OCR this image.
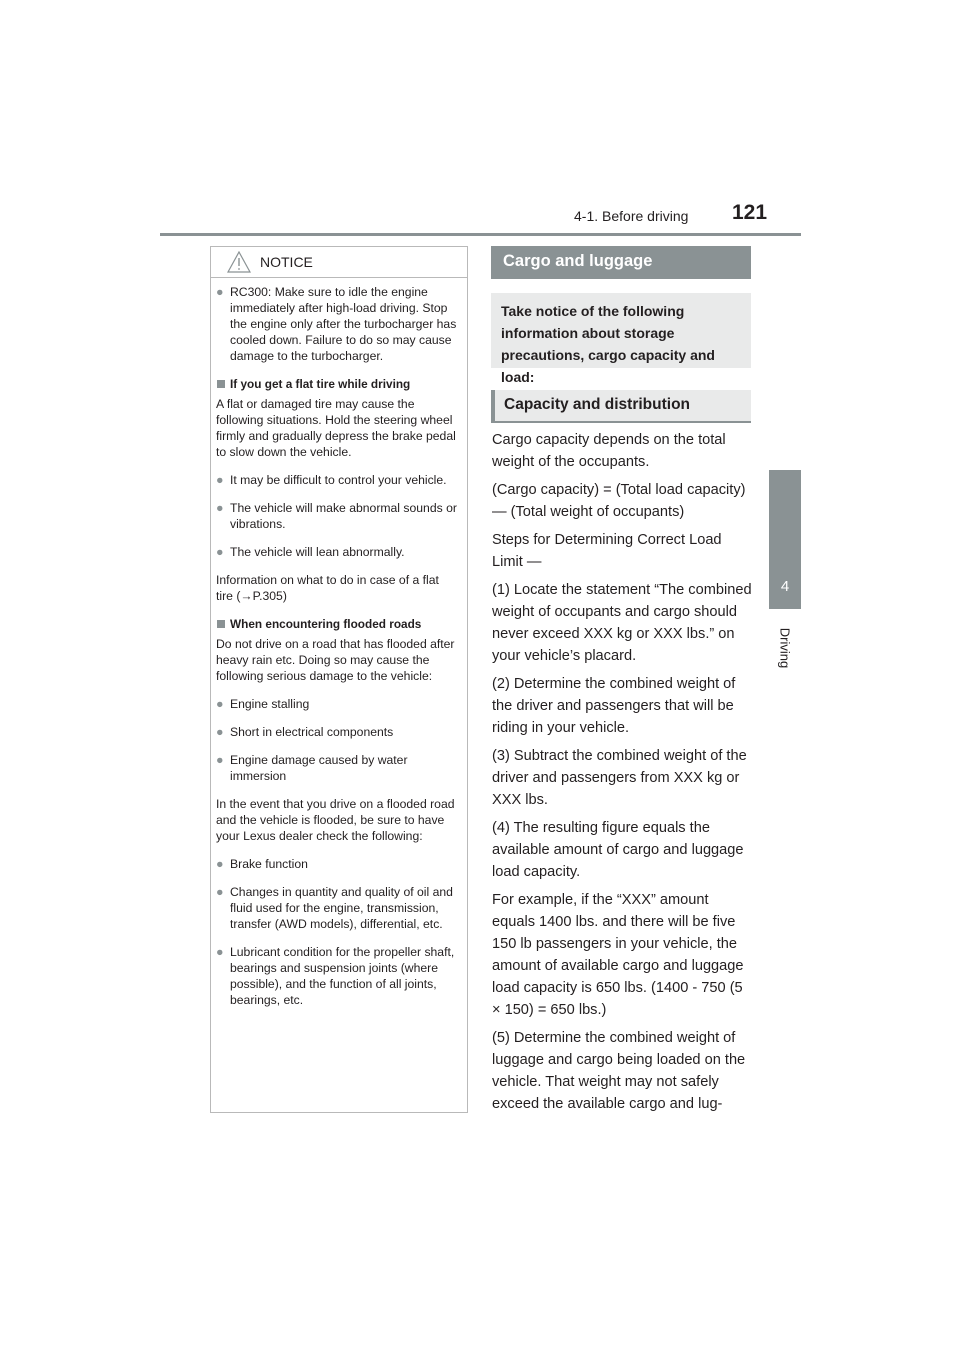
4-1. Before driving 121
4
Driving
NOTICE
● RC300: Make sure to idle the engine immediately after high-load driving. Stop the engine only after the turbocharger has cooled down. Failure to do so may cause damage to the turbocharger.
If you get a flat tire while driving

A flat or damaged tire may cause the following situations. Hold the steering wheel firmly and gradually depress the brake pedal to slow down the vehicle.

● It may be difficult to control your vehicle.
● The vehicle will make abnormal sounds or vibrations.
● The vehicle will lean abnormally.

Information on what to do in case of a flat tire (→P.305)

When encountering flooded roads

Do not drive on a road that has flooded after heavy rain etc. Doing so may cause the following serious damage to the vehicle:

● Engine stalling
● Short in electrical components
● Engine damage caused by water immersion

In the event that you drive on a flooded road and the vehicle is flooded, be sure to have your Lexus dealer check the following:

● Brake function
● Changes in quantity and quality of oil and fluid used for the engine, transmission, transfer (AWD models), differential, etc.
● Lubricant condition for the propeller shaft, bearings and suspension joints (where possible), and the function of all joints, bearings, etc.
Cargo and luggage
Take notice of the following information about storage precautions, cargo capacity and load:
Capacity and distribution

Cargo capacity depends on the total weight of the occupants.

(Cargo capacity) = (Total load capacity) — (Total weight of occupants)

Steps for Determining Correct Load Limit —

(1) Locate the statement “The combined weight of occupants and cargo should never exceed XXX kg or XXX lbs.” on your vehicle’s placard.

(2) Determine the combined weight of the driver and passengers that will be riding in your vehicle.

(3) Subtract the combined weight of the driver and passengers from XXX kg or XXX lbs.

(4) The resulting figure equals the available amount of cargo and luggage load capacity.

For example, if the “XXX” amount equals 1400 lbs. and there will be five 150 lb passengers in your vehicle, the amount of available cargo and luggage load capacity is 650 lbs. (1400 - 750 (5 × 150) = 650 lbs.)

(5) Determine the combined weight of luggage and cargo being loaded on the vehicle. That weight may not safely exceed the available cargo and lug-
